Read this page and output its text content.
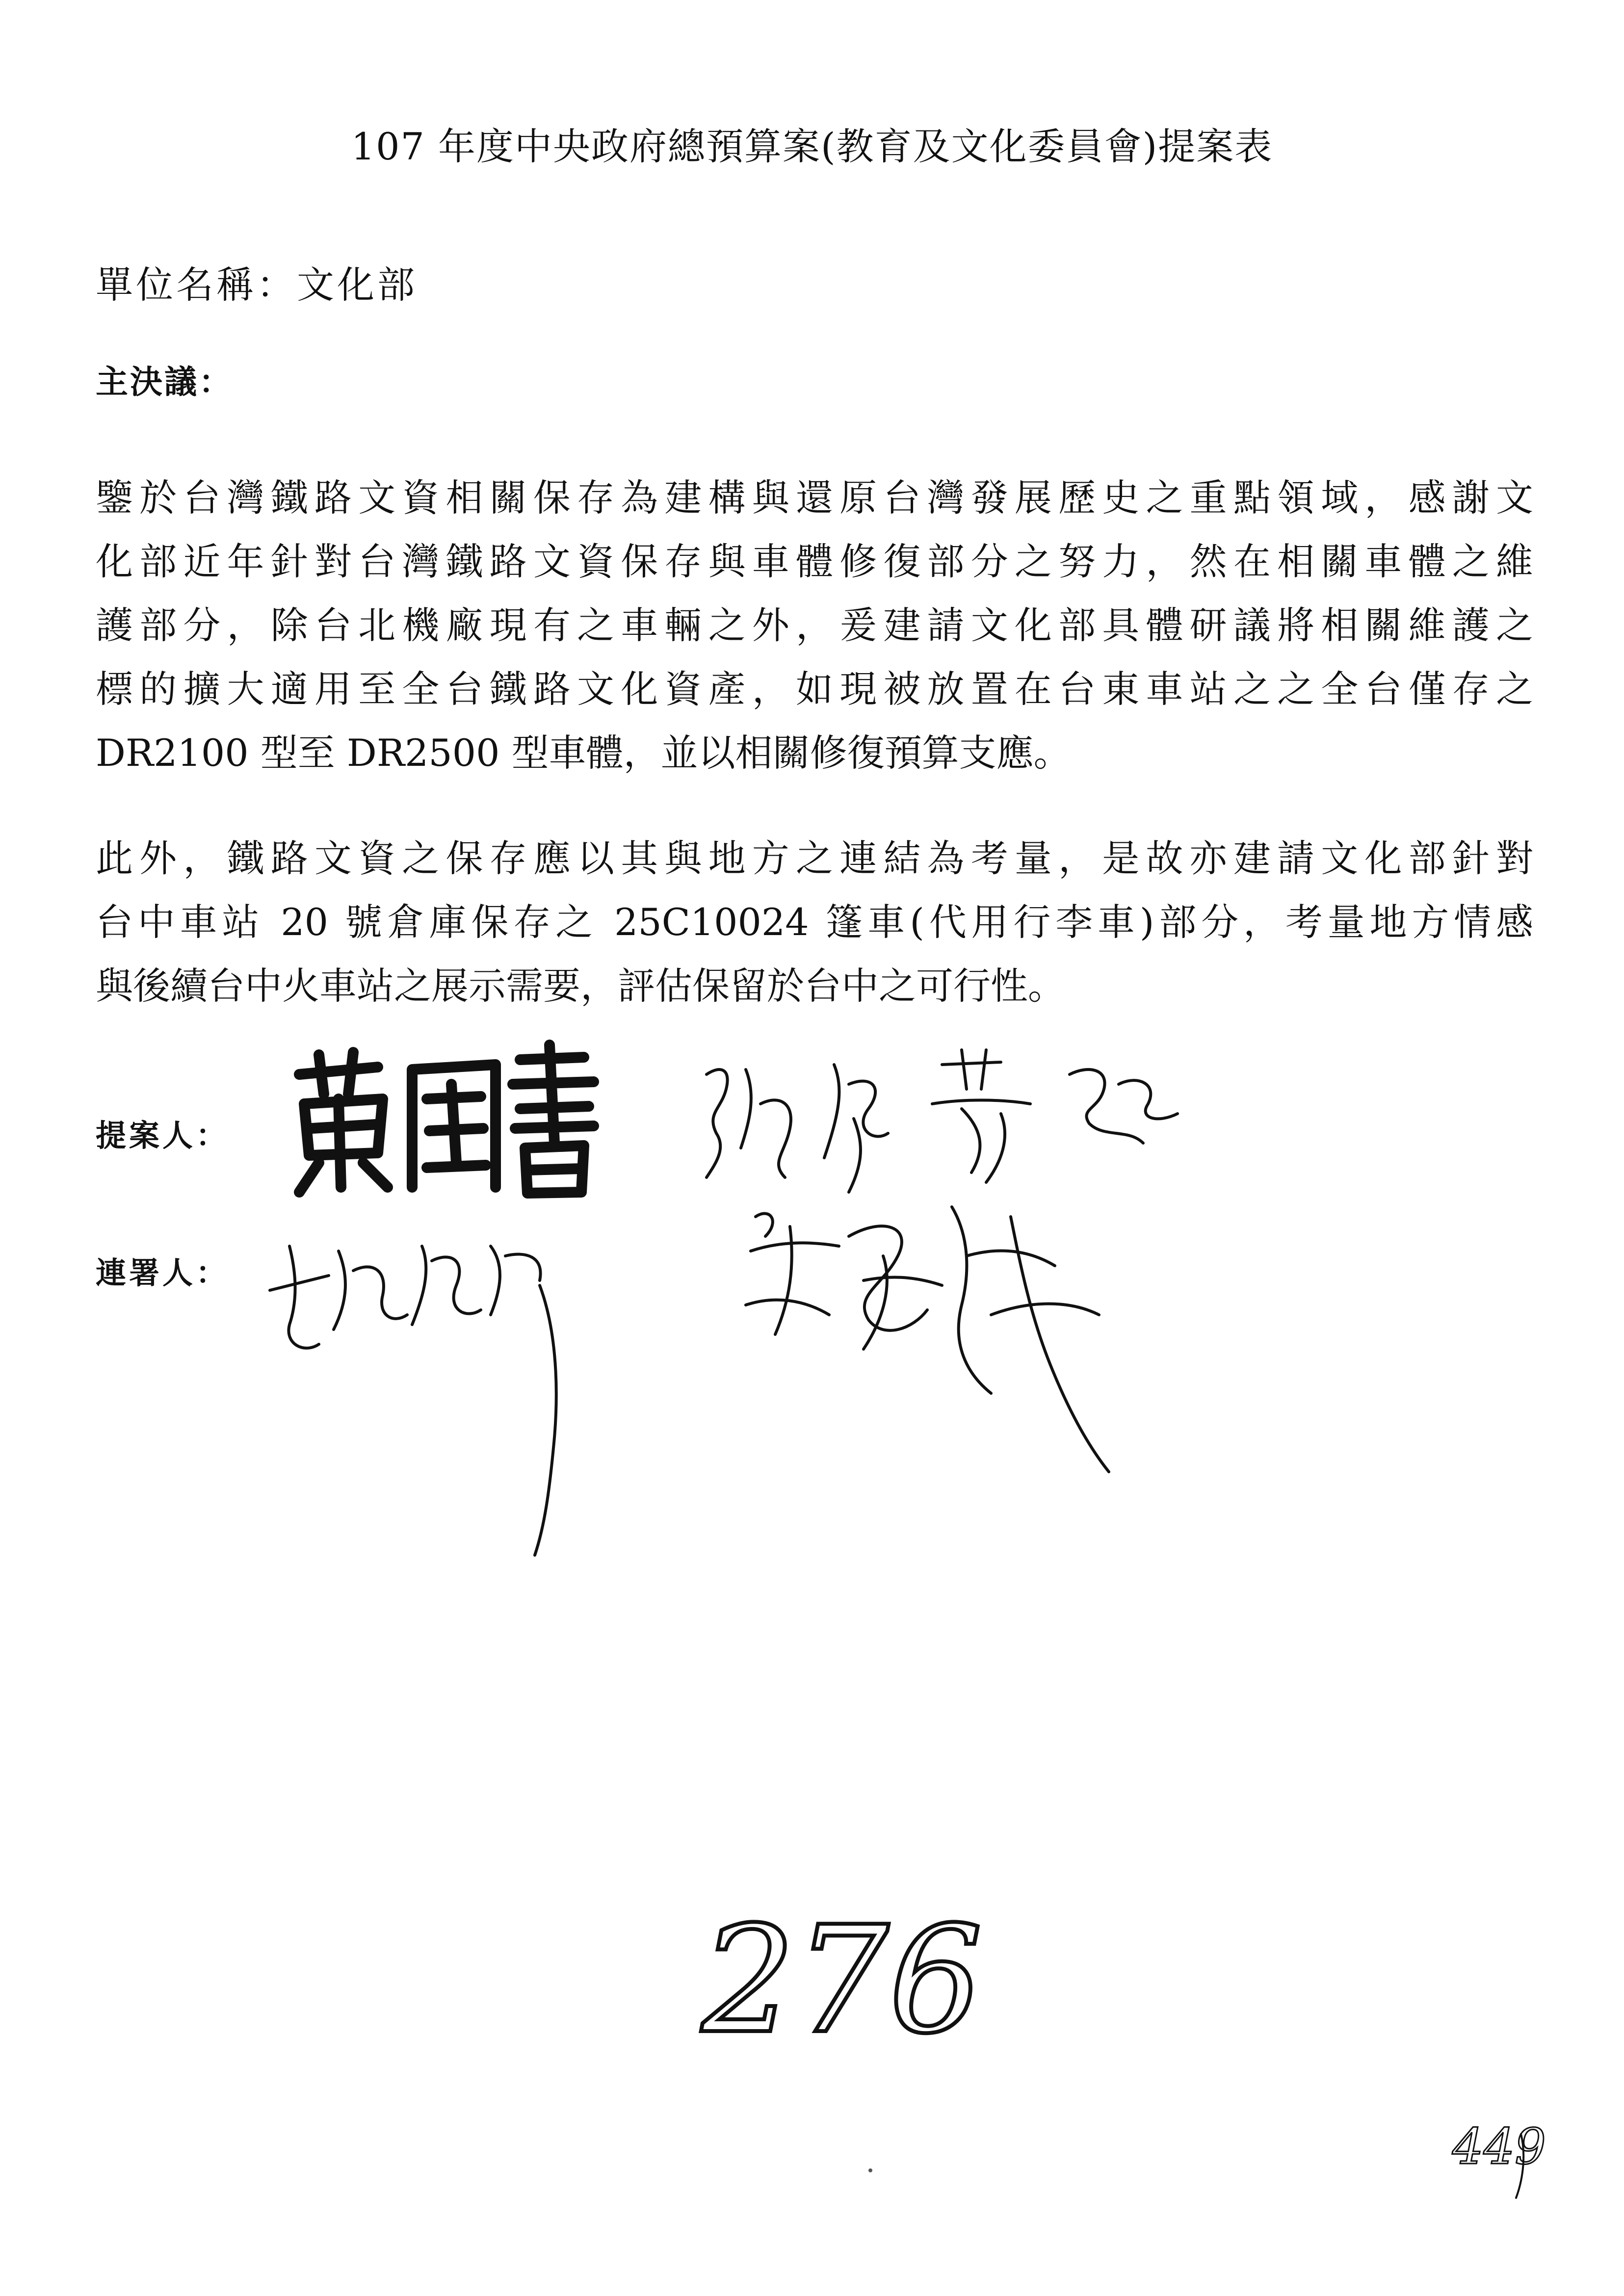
107 年度中央政府總預算案(教育及文化委員會)提案表
單位名稱：文化部
主決議：
鑒於台灣鐵路文資相關保存為建構與還原台灣發展歷史之重點領域，感謝文
化部近年針對台灣鐵路文資保存與車體修復部分之努力，然在相關車體之維
護部分，除台北機廠現有之車輛之外，爰建請文化部具體研議將相關維護之
標的擴大適用至全台鐵路文化資產，如現被放置在台東車站之之全台僅存之
DR2100 型至 DR2500 型車體，並以相關修復預算支應。
此外，鐵路文資之保存應以其與地方之連結為考量，是故亦建請文化部針對
台中車站 20 號倉庫保存之 25C10024 篷車(代用行李車)部分，考量地方情感
與後續台中火車站之展示需要，評估保留於台中之可行性。
提案人：
連署人：
276
449
